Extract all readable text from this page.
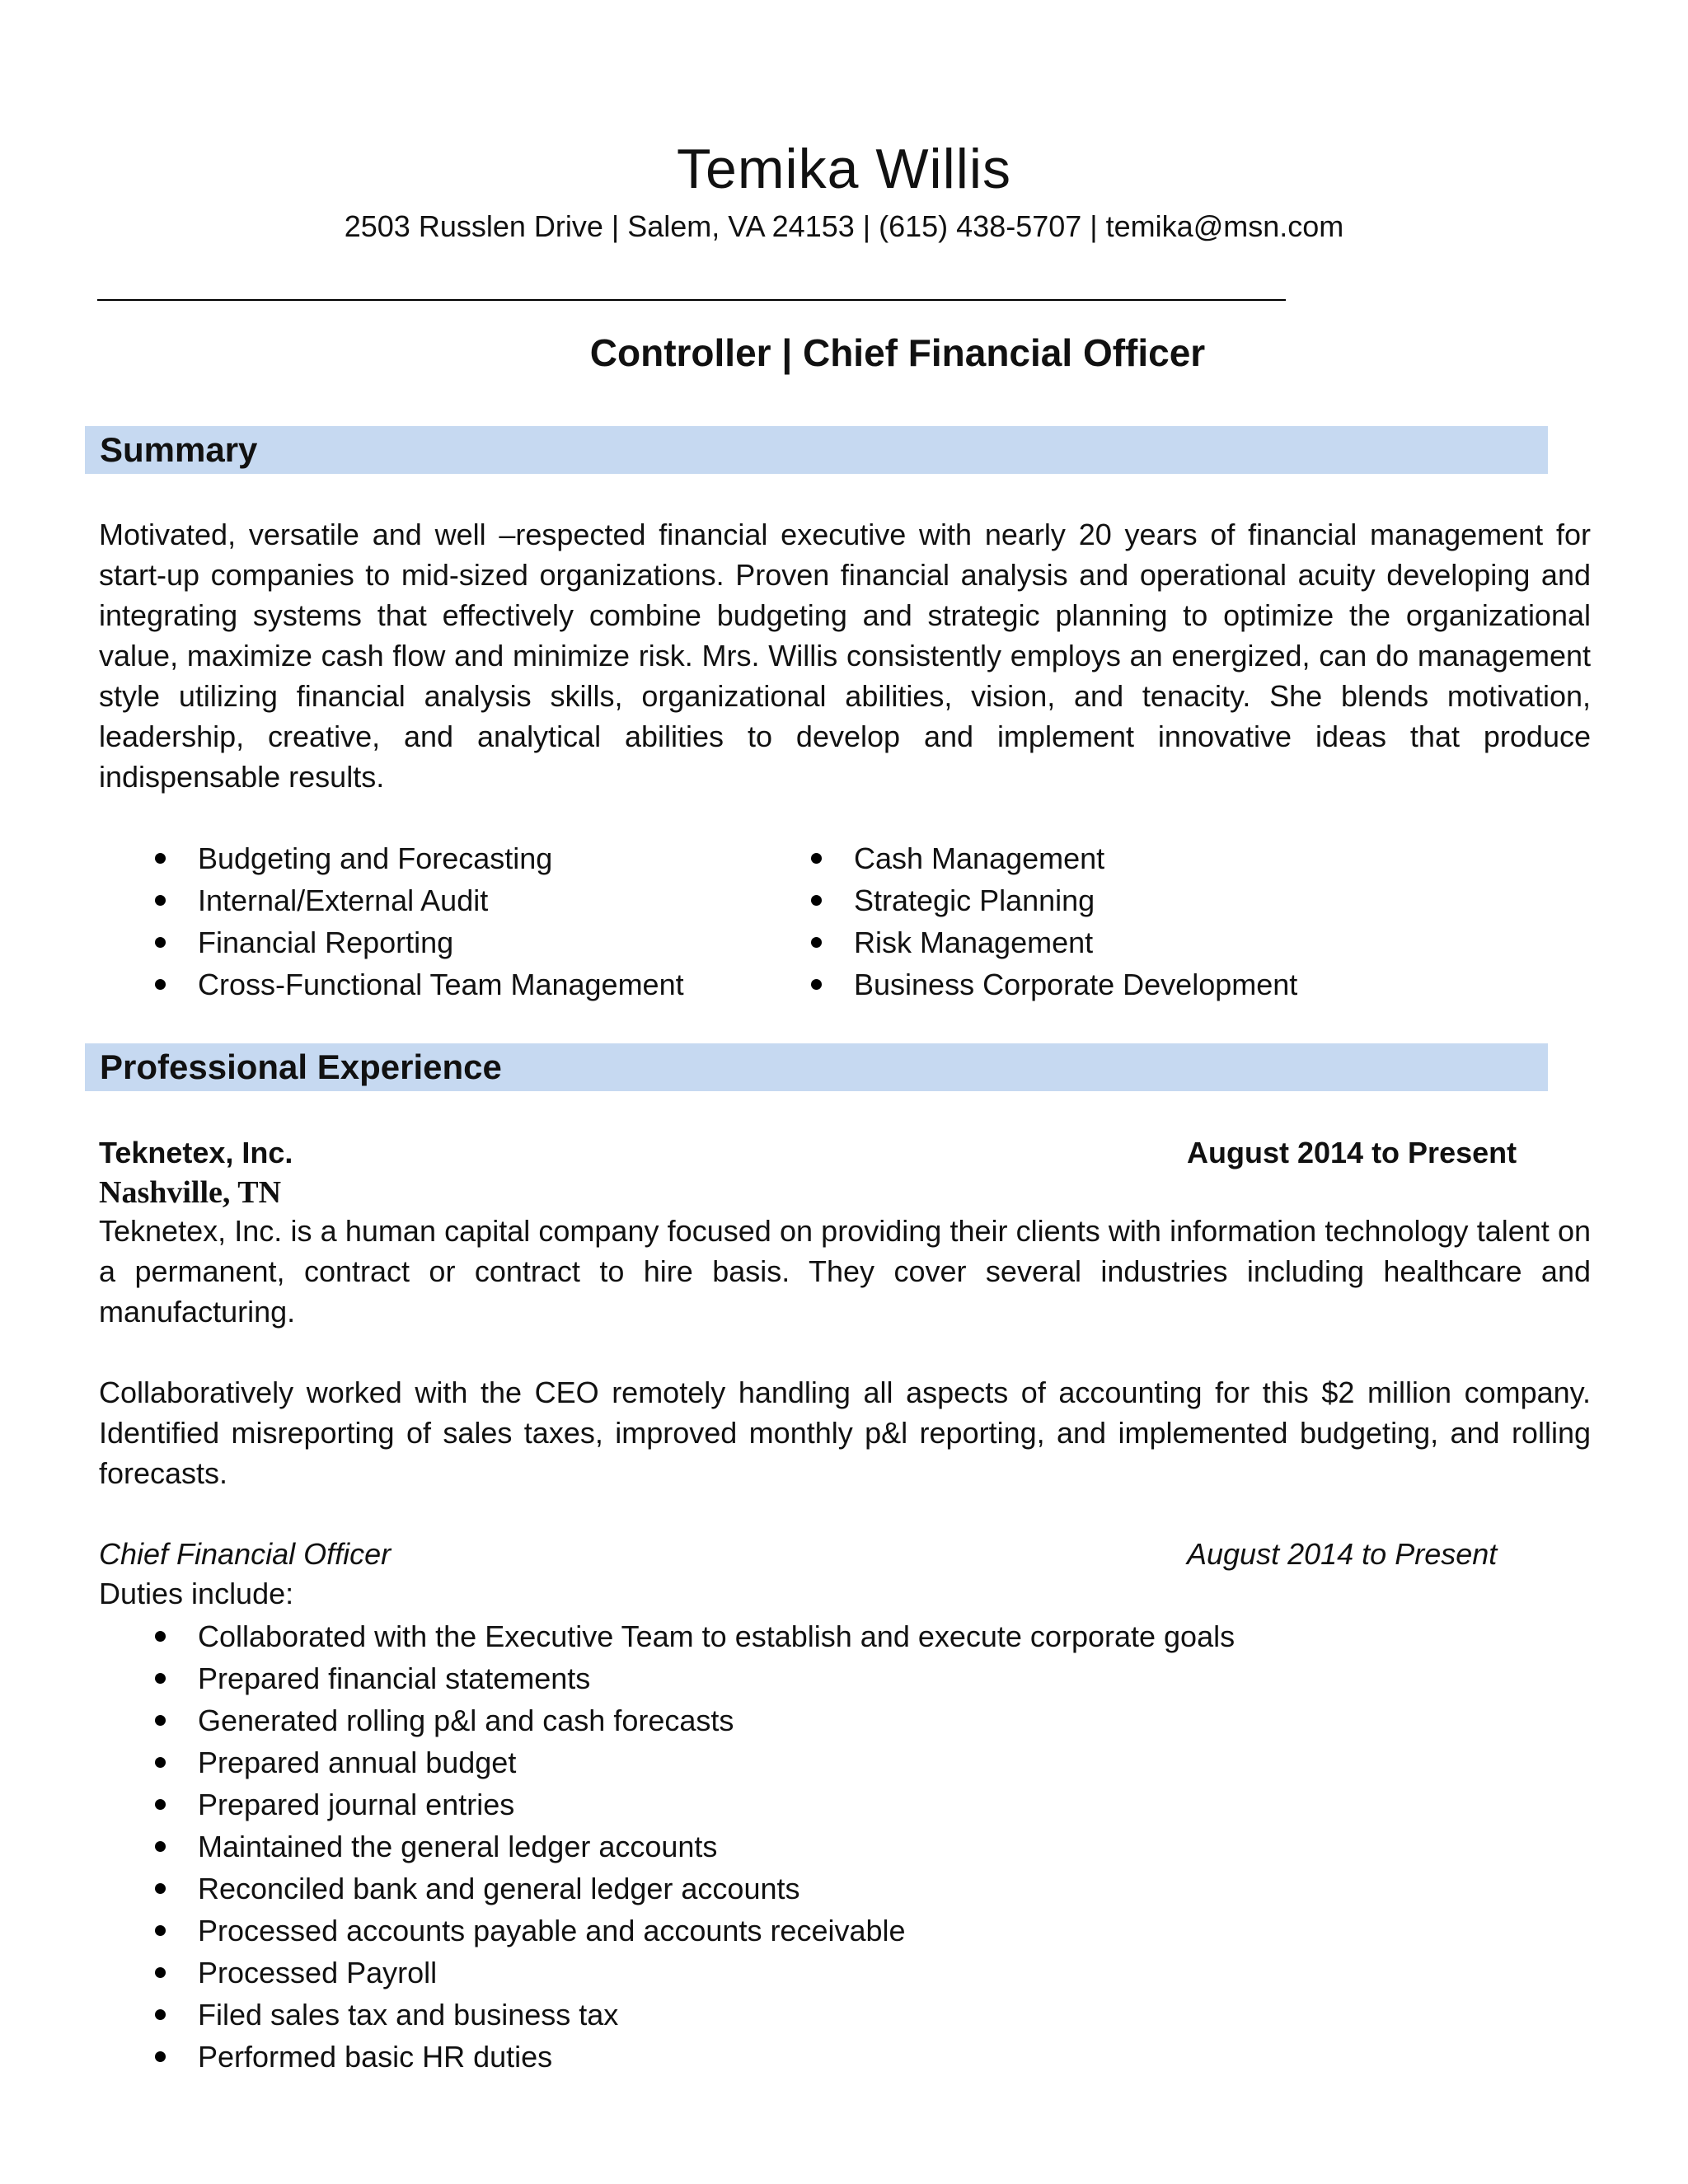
Temika Willis
2503 Russlen Drive | Salem, VA 24153 | (615) 438-5707 | temika@msn.com
Controller | Chief Financial Officer
Summary
Motivated, versatile and well –respected financial executive with nearly 20 years of financial management for start-up companies to mid-sized organizations. Proven financial analysis and operational acuity developing and integrating systems that effectively combine budgeting and strategic planning to optimize the organizational value, maximize cash flow and minimize risk. Mrs. Willis consistently employs an energized, can do management style utilizing financial analysis skills, organizational abilities, vision, and tenacity. She blends motivation, leadership, creative, and analytical abilities to develop and implement innovative ideas that produce indispensable results.
Budgeting and Forecasting
Internal/External Audit
Financial Reporting
Cross-Functional Team Management
Cash Management
Strategic Planning
Risk Management
Business Corporate Development
Professional Experience
Teknetex, Inc.	August 2014 to Present
Nashville, TN
Teknetex, Inc. is a human capital company focused on providing their clients with information technology talent on a permanent, contract or contract to hire basis. They cover several industries including healthcare and manufacturing.
Collaboratively worked with the CEO remotely handling all aspects of accounting for this $2 million company. Identified misreporting of sales taxes, improved monthly p&l reporting, and implemented budgeting, and rolling forecasts.
Chief Financial Officer	August 2014 to Present
Duties include:
Collaborated with the Executive Team to establish and execute corporate goals
Prepared financial statements
Generated rolling p&l and cash forecasts
Prepared annual budget
Prepared journal entries
Maintained the general ledger accounts
Reconciled bank and general ledger accounts
Processed accounts payable and accounts receivable
Processed Payroll
Filed sales tax and business tax
Performed basic HR duties
